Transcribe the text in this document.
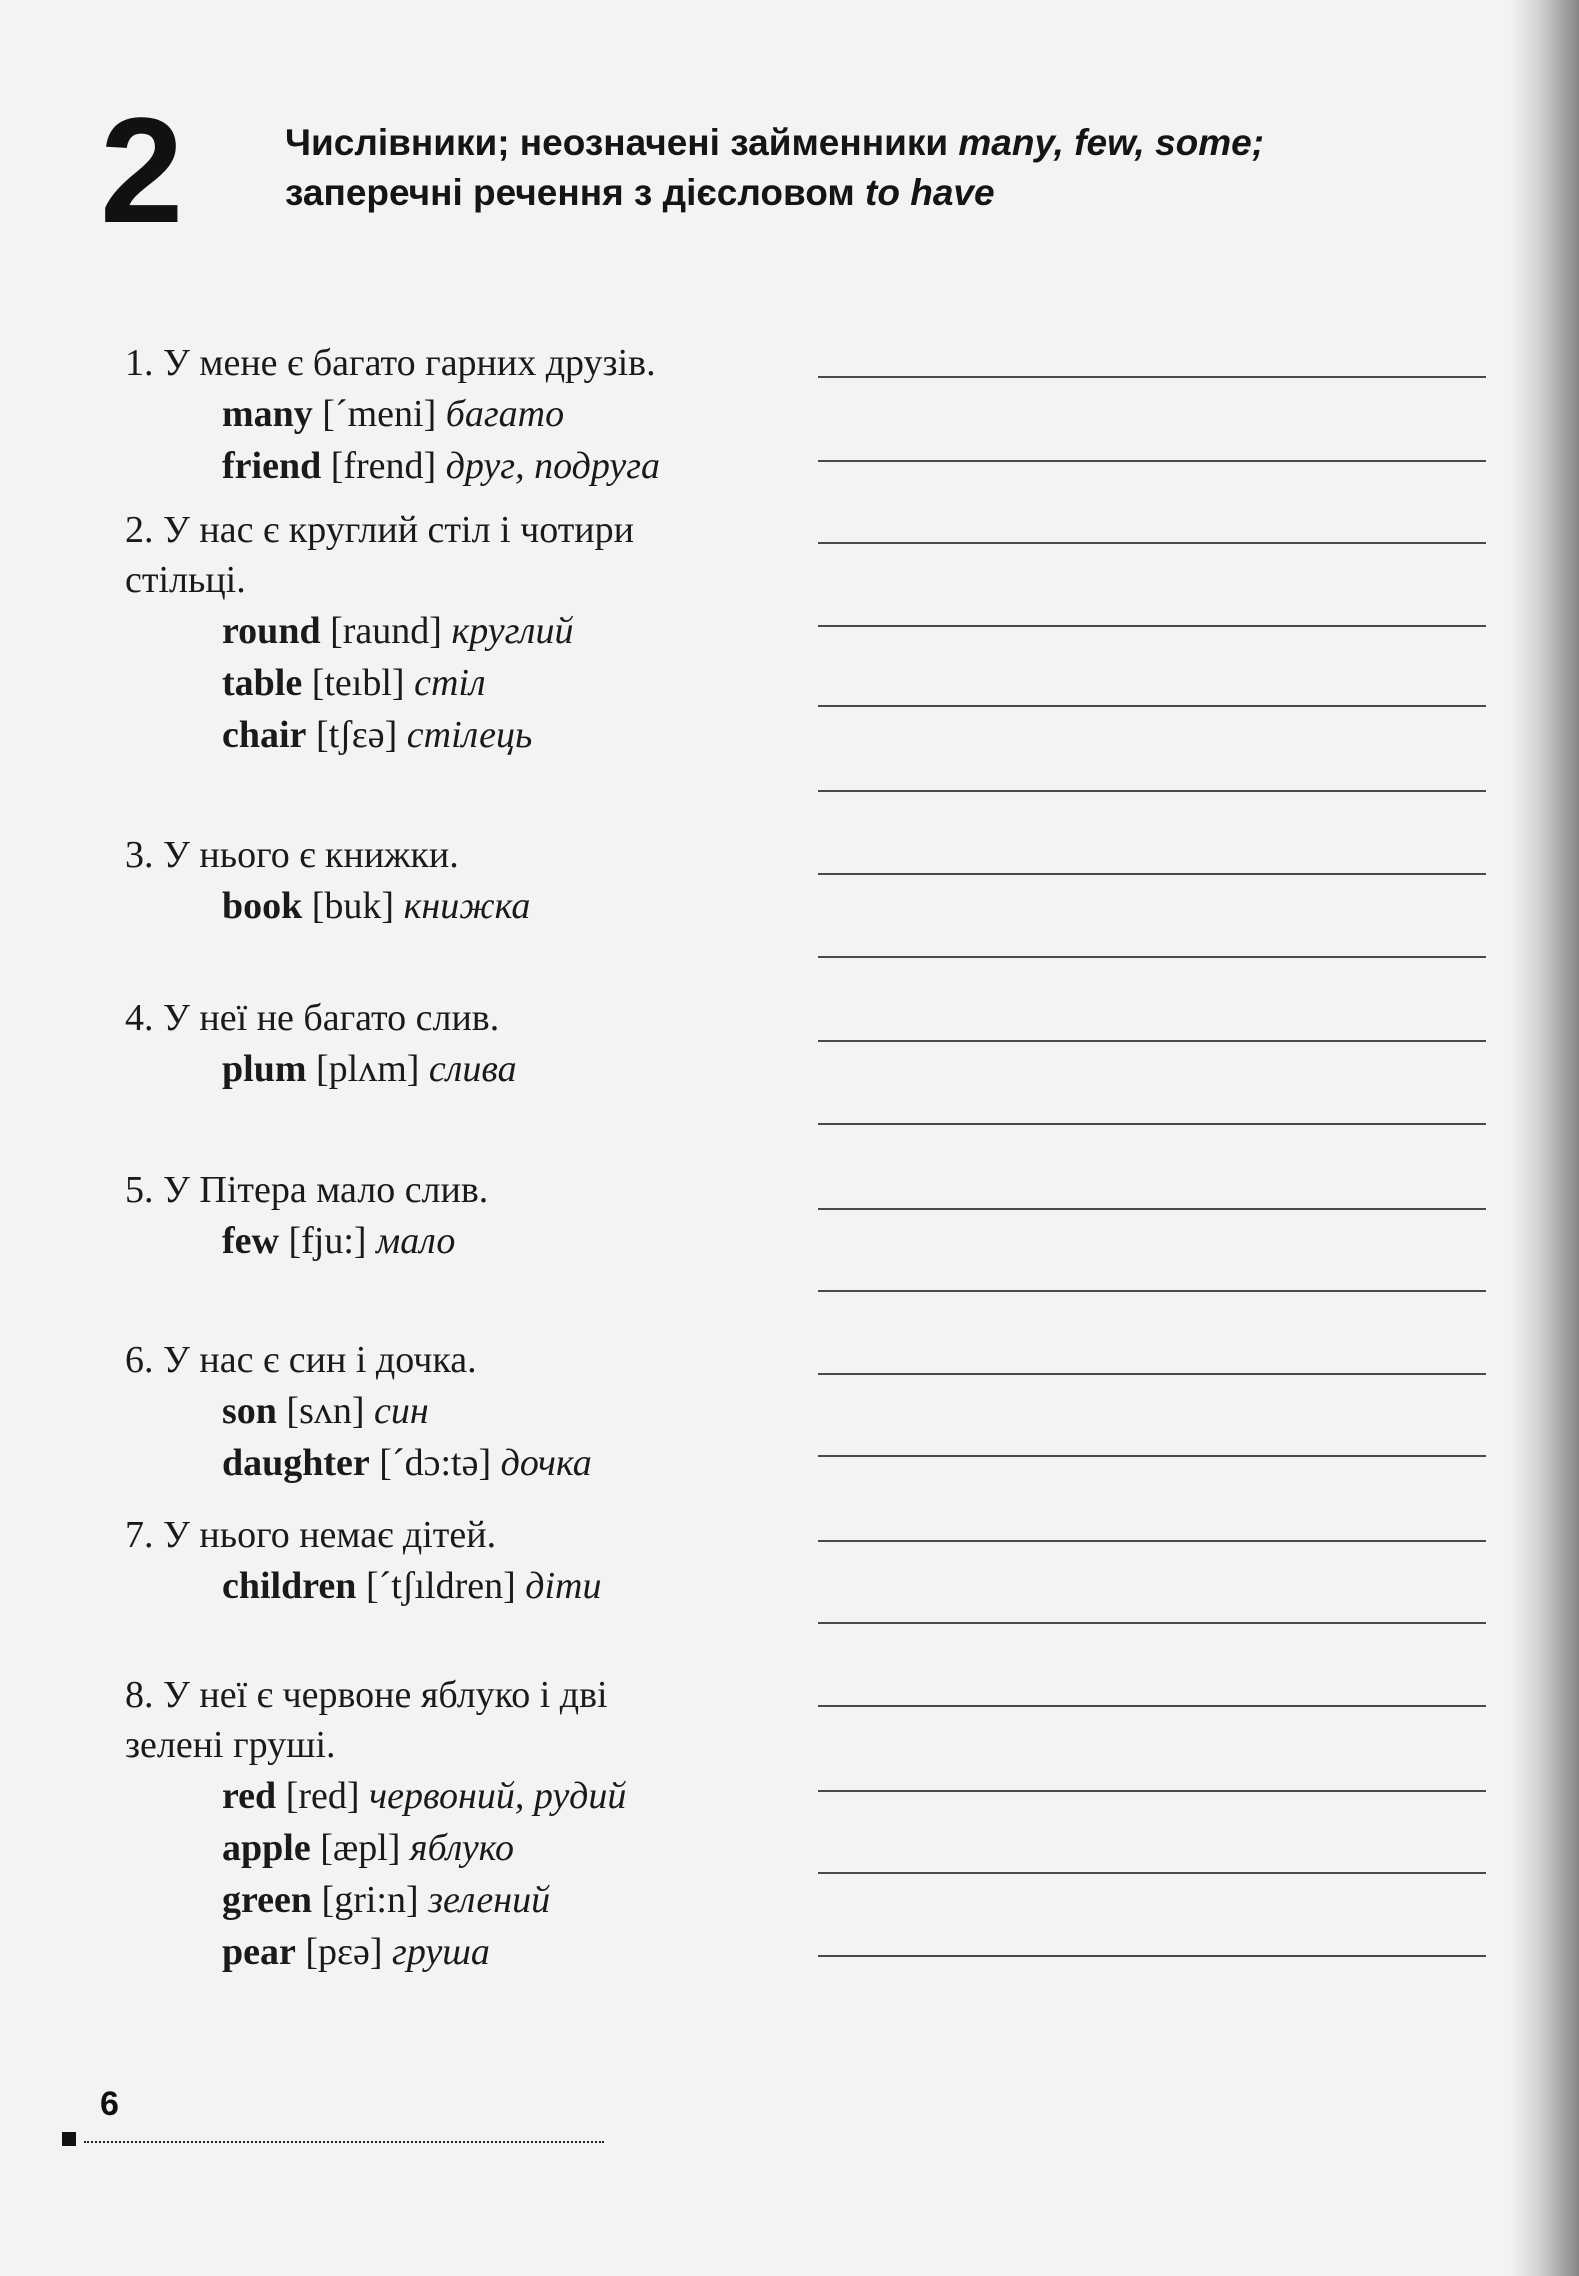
2	Числівники; неозначені займенники many, few, some;
заперечні речення з дієсловом to have

1. У мене є багато гарних друзів.

many [ˊmeni] багато
friend [frend] друг, подруга

2. У нас є круглий стіл і чотири

стільці.

round [raund] круглий
table [teıbl] стіл
chair [tʃεə] стілець

3. У нього є книжки.

book [buk] книжка

4. У неї не багато слив.

plum [plʌm] слива

5. У Пітера мало слив.

few [fju:] мало

6. У нас є син і дочка.

son [sʌn] син
daughter [ˊdɔ:tə] дочка

7. У нього немає дітей.

children [ˊtʃıldren] діти

8. У неї є червоне яблуко і дві

зелені груші.

red [red] червоний, рудий
apple [æpl] яблуко
green [gri:n] зелений
pear [pεə] груша
6
